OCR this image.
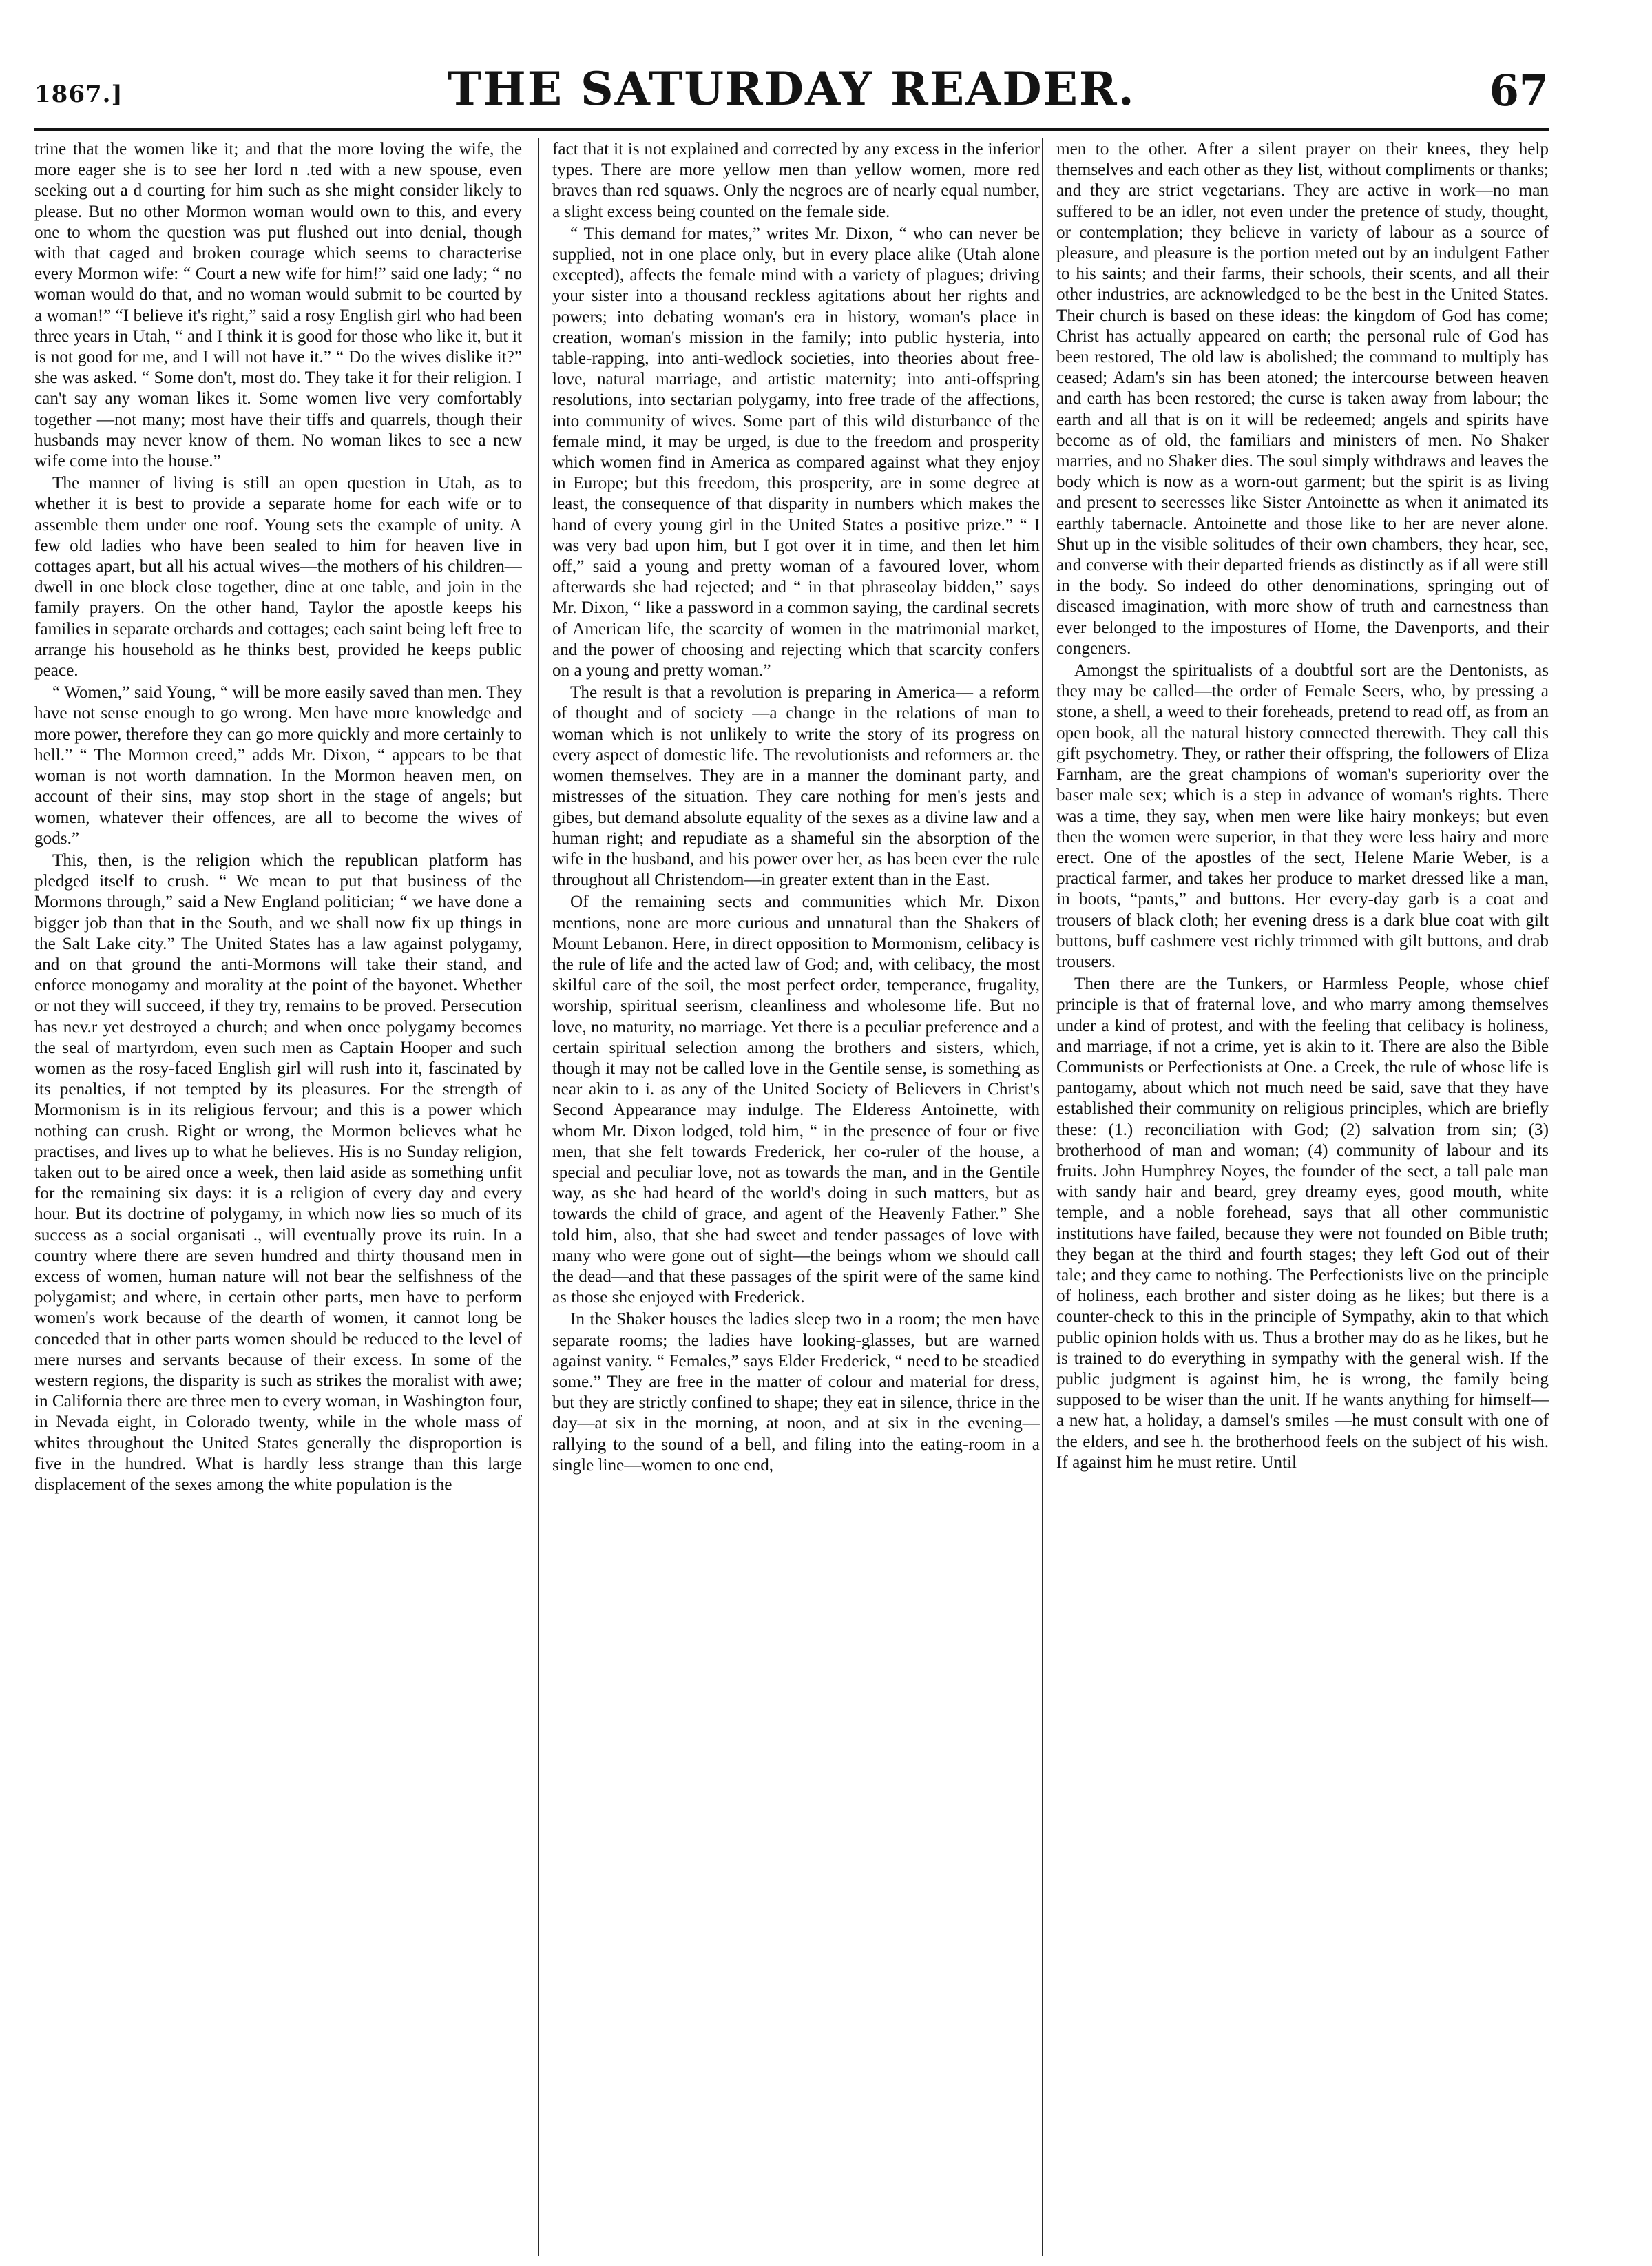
1867.]	THE SATURDAY READER.	67

trine that the women like it; and that the more loving the wife, the more eager she is to see her lord n .ted with a new spouse, even seeking out a d courting for him such as she might consider likely to please. But no other Mormon woman would own to this, and every one to whom the question was put flushed out into denial, though with that caged and broken courage which seems to characterise every Mormon wife: “ Court a new wife for him!” said one lady; “ no woman would do that, and no woman would submit to be courted by a woman!” “I believe it's right,” said a rosy English girl who had been three years in Utah, “ and I think it is good for those who like it, but it is not good for me, and I will not have it.” “ Do the wives dislike it?” she was asked. “ Some don't, most do. They take it for their religion. I can't say any woman likes it. Some women live very comfortably together —not many; most have their tiffs and quarrels, though their husbands may never know of them. No woman likes to see a new wife come into the house.”

The manner of living is still an open question in Utah, as to whether it is best to provide a separate home for each wife or to assemble them under one roof. Young sets the example of unity. A few old ladies who have been sealed to him for heaven live in cottages apart, but all his actual wives—the mothers of his children—dwell in one block close together, dine at one table, and join in the family prayers. On the other hand, Taylor the apostle keeps his families in separate orchards and cottages; each saint being left free to arrange his household as he thinks best, provided he keeps public peace.

“ Women,” said Young, “ will be more easily saved than men. They have not sense enough to go wrong. Men have more knowledge and more power, therefore they can go more quickly and more certainly to hell.” “ The Mormon creed,” adds Mr. Dixon, “ appears to be that woman is not worth damnation. In the Mormon heaven men, on account of their sins, may stop short in the stage of angels; but women, whatever their offences, are all to become the wives of gods.”

This, then, is the religion which the republican platform has pledged itself to crush. “ We mean to put that business of the Mormons through,” said a New England politician; “ we have done a bigger job than that in the South, and we shall now fix up things in the Salt Lake city.” The United States has a law against polygamy, and on that ground the anti-Mormons will take their stand, and enforce monogamy and morality at the point of the bayonet. Whether or not they will succeed, if they try, remains to be proved. Persecution has nev.r yet destroyed a church; and when once polygamy becomes the seal of martyrdom, even such men as Captain Hooper and such women as the rosy-faced English girl will rush into it, fascinated by its penalties, if not tempted by its pleasures. For the strength of Mormonism is in its religious fervour; and this is a power which nothing can crush. Right or wrong, the Mormon believes what he practises, and lives up to what he believes. His is no Sunday religion, taken out to be aired once a week, then laid aside as something unfit for the remaining six days: it is a religion of every day and every hour. But its doctrine of polygamy, in which now lies so much of its success as a social organisati ., will eventually prove its ruin. In a country where there are seven hundred and thirty thousand men in excess of women, human nature will not bear the selfishness of the polygamist; and where, in certain other parts, men have to perform women's work because of the dearth of women, it cannot long be conceded that in other parts women should be reduced to the level of mere nurses and servants because of their excess. In some of the western regions, the disparity is such as strikes the moralist with awe; in California there are three men to every woman, in Washington four, in Nevada eight, in Colorado twenty, while in the whole mass of whites throughout the United States generally the disproportion is five in the hundred. What is hardly less strange than this large displacement of the sexes among the white population is the

fact that it is not explained and corrected by any excess in the inferior types. There are more yellow men than yellow women, more red braves than red squaws. Only the negroes are of nearly equal number, a slight excess being counted on the female side.

“ This demand for mates,” writes Mr. Dixon, “ who can never be supplied, not in one place only, but in every place alike (Utah alone excepted), affects the female mind with a variety of plagues; driving your sister into a thousand reckless agitations about her rights and powers; into debating woman's era in history, woman's place in creation, woman's mission in the family; into public hysteria, into table-rapping, into anti-wedlock societies, into theories about free-love, natural marriage, and artistic maternity; into anti-offspring resolutions, into sectarian polygamy, into free trade of the affections, into community of wives. Some part of this wild disturbance of the female mind, it may be urged, is due to the freedom and prosperity which women find in America as compared against what they enjoy in Europe; but this freedom, this prosperity, are in some degree at least, the consequence of that disparity in numbers which makes the hand of every young girl in the United States a positive prize.” “ I was very bad upon him, but I got over it in time, and then let him off,” said a young and pretty woman of a favoured lover, whom afterwards she had rejected; and “ in that phraseolay bidden,” says Mr. Dixon, “ like a password in a common saying, the cardinal secrets of American life, the scarcity of women in the matrimonial market, and the power of choosing and rejecting which that scarcity confers on a young and pretty woman.”

The result is that a revolution is preparing in America— a reform of thought and of society —a change in the relations of man to woman which is not unlikely to write the story of its progress on every aspect of domestic life. The revolutionists and reformers ar. the women themselves. They are in a manner the dominant party, and mistresses of the situation. They care nothing for men's jests and gibes, but demand absolute equality of the sexes as a divine law and a human right; and repudiate as a shameful sin the absorption of the wife in the husband, and his power over her, as has been ever the rule throughout all Christendom—in greater extent than in the East.

Of the remaining sects and communities which Mr. Dixon mentions, none are more curious and unnatural than the Shakers of Mount Lebanon. Here, in direct opposition to Mormonism, celibacy is the rule of life and the acted law of God; and, with celibacy, the most skilful care of the soil, the most perfect order, temperance, frugality, worship, spiritual seerism, cleanliness and wholesome life. But no love, no maturity, no marriage. Yet there is a peculiar preference and a certain spiritual selection among the brothers and sisters, which, though it may not be called love in the Gentile sense, is something as near akin to i. as any of the United Society of Believers in Christ's Second Appearance may indulge. The Elderess Antoinette, with whom Mr. Dixon lodged, told him, “ in the presence of four or five men, that she felt towards Frederick, her co-ruler of the house, a special and peculiar love, not as towards the man, and in the Gentile way, as she had heard of the world's doing in such matters, but as towards the child of grace, and agent of the Heavenly Father.” She told him, also, that she had sweet and tender passages of love with many who were gone out of sight—the beings whom we should call the dead—and that these passages of the spirit were of the same kind as those she enjoyed with Frederick.

In the Shaker houses the ladies sleep two in a room; the men have separate rooms; the ladies have looking-glasses, but are warned against vanity. “ Females,” says Elder Frederick, “ need to be steadied some.” They are free in the matter of colour and material for dress, but they are strictly confined to shape; they eat in silence, thrice in the day—at six in the morning, at noon, and at six in the evening—rallying to the sound of a bell, and filing into the eating-room in a single line—women to one end,

men to the other. After a silent prayer on their knees, they help themselves and each other as they list, without compliments or thanks; and they are strict vegetarians. They are active in work—no man suffered to be an idler, not even under the pretence of study, thought, or contemplation; they believe in variety of labour as a source of pleasure, and pleasure is the portion meted out by an indulgent Father to his saints; and their farms, their schools, their scents, and all their other industries, are acknowledged to be the best in the United States. Their church is based on these ideas: the kingdom of God has come; Christ has actually appeared on earth; the personal rule of God has been restored, The old law is abolished; the command to multiply has ceased; Adam's sin has been atoned; the intercourse between heaven and earth has been restored; the curse is taken away from labour; the earth and all that is on it will be redeemed; angels and spirits have become as of old, the familiars and ministers of men. No Shaker marries, and no Shaker dies. The soul simply withdraws and leaves the body which is now as a worn-out garment; but the spirit is as living and present to seeresses like Sister Antoinette as when it animated its earthly tabernacle. Antoinette and those like to her are never alone. Shut up in the visible solitudes of their own chambers, they hear, see, and converse with their departed friends as distinctly as if all were still in the body. So indeed do other denominations, springing out of diseased imagination, with more show of truth and earnestness than ever belonged to the impostures of Home, the Davenports, and their congeners.

Amongst the spiritualists of a doubtful sort are the Dentonists, as they may be called—the order of Female Seers, who, by pressing a stone, a shell, a weed to their foreheads, pretend to read off, as from an open book, all the natural history connected therewith. They call this gift psychometry. They, or rather their offspring, the followers of Eliza Farnham, are the great champions of woman's superiority over the baser male sex; which is a step in advance of woman's rights. There was a time, they say, when men were like hairy monkeys; but even then the women were superior, in that they were less hairy and more erect. One of the apostles of the sect, Helene Marie Weber, is a practical farmer, and takes her produce to market dressed like a man, in boots, “pants,” and buttons. Her every-day garb is a coat and trousers of black cloth; her evening dress is a dark blue coat with gilt buttons, buff cashmere vest richly trimmed with gilt buttons, and drab trousers.

Then there are the Tunkers, or Harmless People, whose chief principle is that of fraternal love, and who marry among themselves under a kind of protest, and with the feeling that celibacy is holiness, and marriage, if not a crime, yet is akin to it. There are also the Bible Communists or Perfectionists at One. a Creek, the rule of whose life is pantogamy, about which not much need be said, save that they have established their community on religious principles, which are briefly these: (1.) reconciliation with God; (2) salvation from sin; (3) brotherhood of man and woman; (4) community of labour and its fruits. John Humphrey Noyes, the founder of the sect, a tall pale man with sandy hair and beard, grey dreamy eyes, good mouth, white temple, and a noble forehead, says that all other communistic institutions have failed, because they were not founded on Bible truth; they began at the third and fourth stages; they left God out of their tale; and they came to nothing. The Perfectionists live on the principle of holiness, each brother and sister doing as he likes; but there is a counter-check to this in the principle of Sympathy, akin to that which public opinion holds with us. Thus a brother may do as he likes, but he is trained to do everything in sympathy with the general wish. If the public judgment is against him, he is wrong, the family being supposed to be wiser than the unit. If he wants anything for himself—a new hat, a holiday, a damsel's smiles —he must consult with one of the elders, and see h. the brotherhood feels on the subject of his wish. If against him he must retire. Until
